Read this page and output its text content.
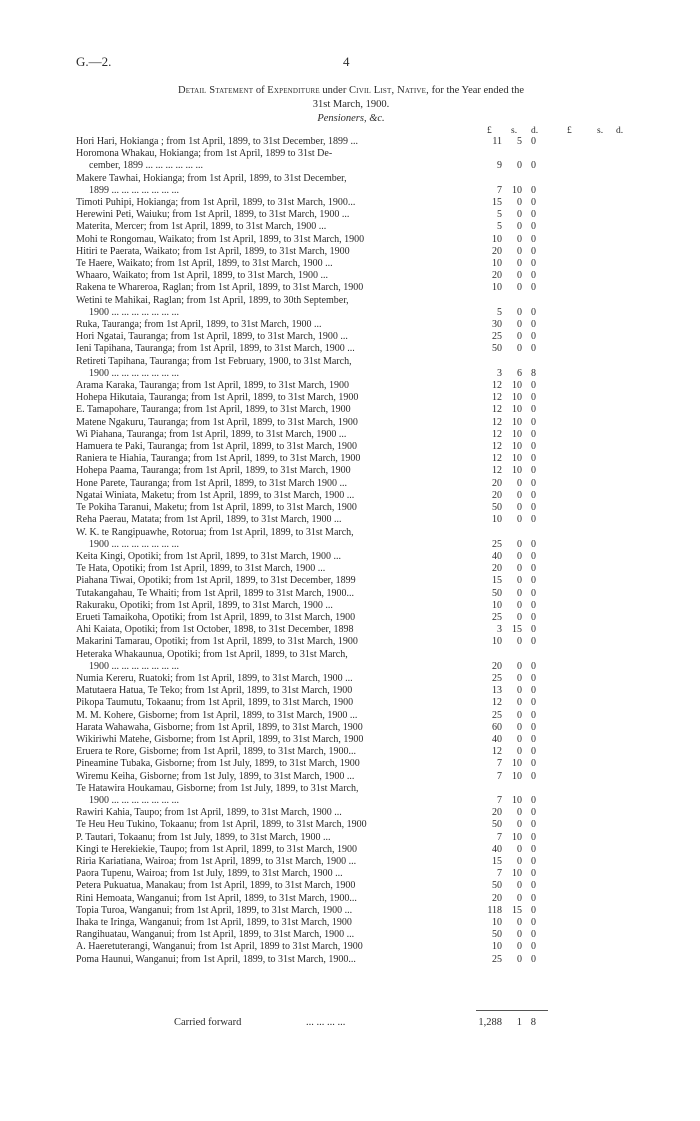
G.—2.	4
Detail Statement of Expenditure under Civil List, Native, for the Year ended the
31st March, 1900.
Pensioners, &c.
£ s. d.	£	s. d.
Hori Hari, Hokianga ; from 1st April, 1899, to 31st December, 1899 ...	11	5 0
Horomona Whakau, Hokianga; from 1st April, 1899 to 31st De-
cember, 1899 ... ... ... ... ... ...	9	0 0
Makere Tawhai, Hokianga; from 1st April, 1899, to 31st December,
1899 ... ... ... ... ... ... ...	7	10 0
Timoti Puhipi, Hokianga; from 1st April, 1899, to 31st March, 1900...	15	0 0
Herewini Peti, Waiuku; from 1st April, 1899, to 31st March, 1900 ...	5	0 0
Materita, Mercer; from 1st April, 1899, to 31st March, 1900 ...	5	0 0
Mohi te Rongomau, Waikato; from 1st April, 1899, to 31st March, 1900	10	0 0
Hitiri te Paerata, Waikato; from 1st April, 1899, to 31st March, 1900	20	0 0
Te Haere, Waikato; from 1st April, 1899, to 31st March, 1900 ...	10	0 0
Whaaro, Waikato; from 1st April, 1899, to 31st March, 1900 ...	20	0 0
Rakena te Whareroa, Raglan; from 1st April, 1899, to 31st March, 1900	10	0 0
Wetini te Mahikai, Raglan; from 1st April, 1899, to 30th September,
1900 ... ... ... ... ... ... ...	5	0 0
Ruka, Tauranga; from 1st April, 1899, to 31st March, 1900 ...	30	0 0
Hori Ngatai, Tauranga; from 1st April, 1899, to 31st March, 1900 ...	25	0 0
Ieni Tapihana, Tauranga; from 1st April, 1899, to 31st March, 1900 ...	50	0 0
Retireti Tapihana, Tauranga; from 1st February, 1900, to 31st March,
1900 ... ... ... ... ... ... ...	3	6 8
Arama Karaka, Tauranga; from 1st April, 1899, to 31st March, 1900	12	10 0
Hohepa Hikutaia, Tauranga; from 1st April, 1899, to 31st March, 1900	12	10 0
E. Tamapohare, Tauranga; from 1st April, 1899, to 31st March, 1900	12	10 0
Matene Ngakuru, Tauranga; from 1st April, 1899, to 31st March, 1900	12	10 0
Wi Piahana, Tauranga; from 1st April, 1899, to 31st March, 1900 ...	12	10 0
Hamuera te Paki, Tauranga; from 1st April, 1899, to 31st March, 1900	12	10 0
Raniera te Hiahia, Tauranga; from 1st April, 1899, to 31st March, 1900	12	10 0
Hohepa Paama, Tauranga; from 1st April, 1899, to 31st March, 1900	12	10 0
Hone Parete, Tauranga; from 1st April, 1899, to 31st March 1900 ...	20	0 0
Ngatai Winiata, Maketu; from 1st April, 1899, to 31st March, 1900 ...	20	0 0
Te Pokiha Taranui, Maketu; from 1st April, 1899, to 31st March, 1900	50	0 0
Reha Paerau, Matata; from 1st April, 1899, to 31st March, 1900 ...	10	0 0
W. K. te Rangipuawhe, Rotorua; from 1st April, 1899, to 31st March,
1900 ... ... ... ... ... ... ...	25	0 0
Keita Kingi, Opotiki; from 1st April, 1899, to 31st March, 1900 ...	40	0 0
Te Hata, Opotiki; from 1st April, 1899, to 31st March, 1900 ...	20	0 0
Piahana Tiwai, Opotiki; from 1st April, 1899, to 31st December, 1899	15	0 0
Tutakangahau, Te Whaiti; from 1st April, 1899 to 31st March, 1900...	50	0 0
Rakuraku, Opotiki; from 1st April, 1899, to 31st March, 1900 ...	10	0 0
Erueti Tamaikoha, Opotiki; from 1st April, 1899, to 31st March, 1900	25	0 0
Ahi Kaiata, Opotiki; from 1st October, 1898, to 31st December, 1898	3	15 0
Makarini Tamarau, Opotiki; from 1st April, 1899, to 31st March, 1900	10	0 0
Heteraka Whakaunua, Opotiki; from 1st April, 1899, to 31st March,
1900 ... ... ... ... ... ... ...	20	0 0
Numia Kereru, Ruatoki; from 1st April, 1899, to 31st March, 1900 ...	25	0 0
Matutaera Hatua, Te Teko; from 1st April, 1899, to 31st March, 1900	13	0 0
Pikopa Taumutu, Tokaanu; from 1st April, 1899, to 31st March, 1900	12	0 0
M. M. Kohere, Gisborne; from 1st April, 1899, to 31st March, 1900 ...	25	0 0
Harata Wahawaha, Gisborne; from 1st April, 1899, to 31st March, 1900	60	0 0
Wikiriwhi Matehe, Gisborne; from 1st April, 1899, to 31st March, 1900	40	0 0
Eruera te Rore, Gisborne; from 1st April, 1899, to 31st March, 1900...	12	0 0
Pineamine Tubaka, Gisborne; from 1st July, 1899, to 31st March, 1900	7	10 0
Wiremu Keiha, Gisborne; from 1st July, 1899, to 31st March, 1900 ...	7	10 0
Te Hatawira Houkamau, Gisborne; from 1st July, 1899, to 31st March,
1900 ... ... ... ... ... ... ...	7	10 0
Rawiri Kahia, Taupo; from 1st April, 1899, to 31st March, 1900 ...	20	0 0
Te Heu Heu Tukino, Tokaanu; from 1st April, 1899, to 31st March, 1900	50	0 0
P. Tautari, Tokaanu; from 1st July, 1899, to 31st March, 1900 ...	7	10 0
Kingi te Herekiekie, Taupo; from 1st April, 1899, to 31st March, 1900	40	0 0
Riria Kariatiana, Wairoa; from 1st April, 1899, to 31st March, 1900 ...	15	0 0
Paora Tupenu, Wairoa; from 1st July, 1899, to 31st March, 1900 ...	7	10 0
Petera Pukuatua, Manakau; from 1st April, 1899, to 31st March, 1900	50	0 0
Rini Hemoata, Wanganui; from 1st April, 1899, to 31st March, 1900...	20	0 0
Topia Turoa, Wanganui; from 1st April, 1899, to 31st March, 1900 ...	118	15 0
Ihaka te Iringa, Wanganui; from 1st April, 1899, to 31st March, 1900	10	0 0
Rangihuatau, Wanganui; from 1st April, 1899, to 31st March, 1900 ...	50	0 0
A. Haeretuterangi, Wanganui; from 1st April, 1899 to 31st March, 1900	10	0 0
Poma Haunui, Wanganui; from 1st April, 1899, to 31st March, 1900...	25	0 0
Carried forward	... ... ... ...	1,288	1 8
